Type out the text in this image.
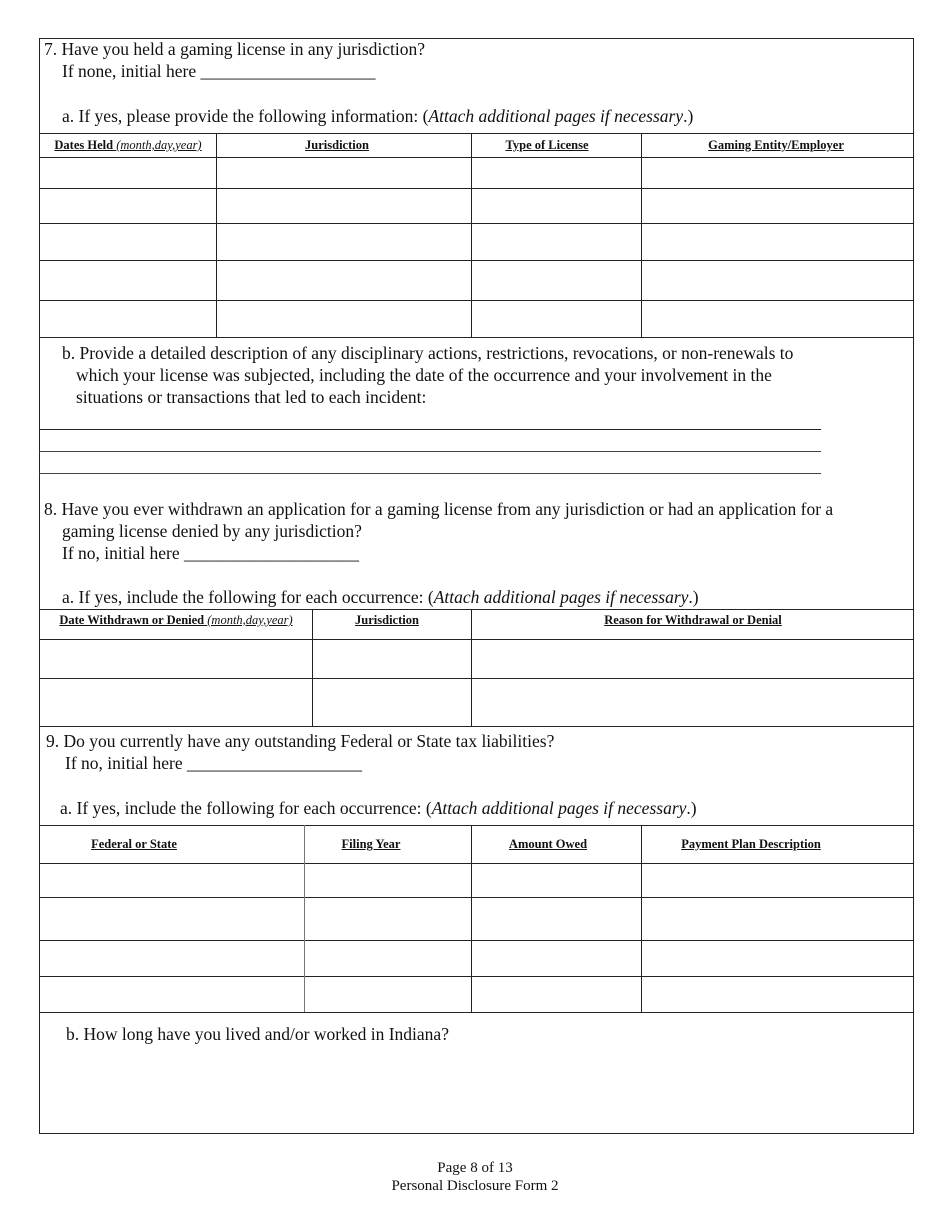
7. Have you held a gaming license in any jurisdiction?
If none, initial here ____________________
a. If yes, please provide the following information: (Attach additional pages if necessary.)
Dates Held (month,day,year)	Jurisdiction	Type of License	Gaming Entity/Employer
b. Provide a detailed description of any disciplinary actions, restrictions, revocations, or non-renewals to
which your license was subjected, including the date of the occurrence and your involvement in the
situations or transactions that led to each incident:
8. Have you ever withdrawn an application for a gaming license from any jurisdiction or had an application for a
gaming license denied by any jurisdiction?
If no, initial here ____________________
a. If yes, include the following for each occurrence: (Attach additional pages if necessary.)
Date Withdrawn or Denied (month,day,year)	Jurisdiction	Reason for Withdrawal or Denial
9. Do you currently have any outstanding Federal or State tax liabilities?
If no, initial here ____________________
a. If yes, include the following for each occurrence: (Attach additional pages if necessary.)
Federal or State	Filing Year	Amount Owed	Payment Plan Description
b. How long have you lived and/or worked in Indiana?
Page 8 of 13
Personal Disclosure Form 2
